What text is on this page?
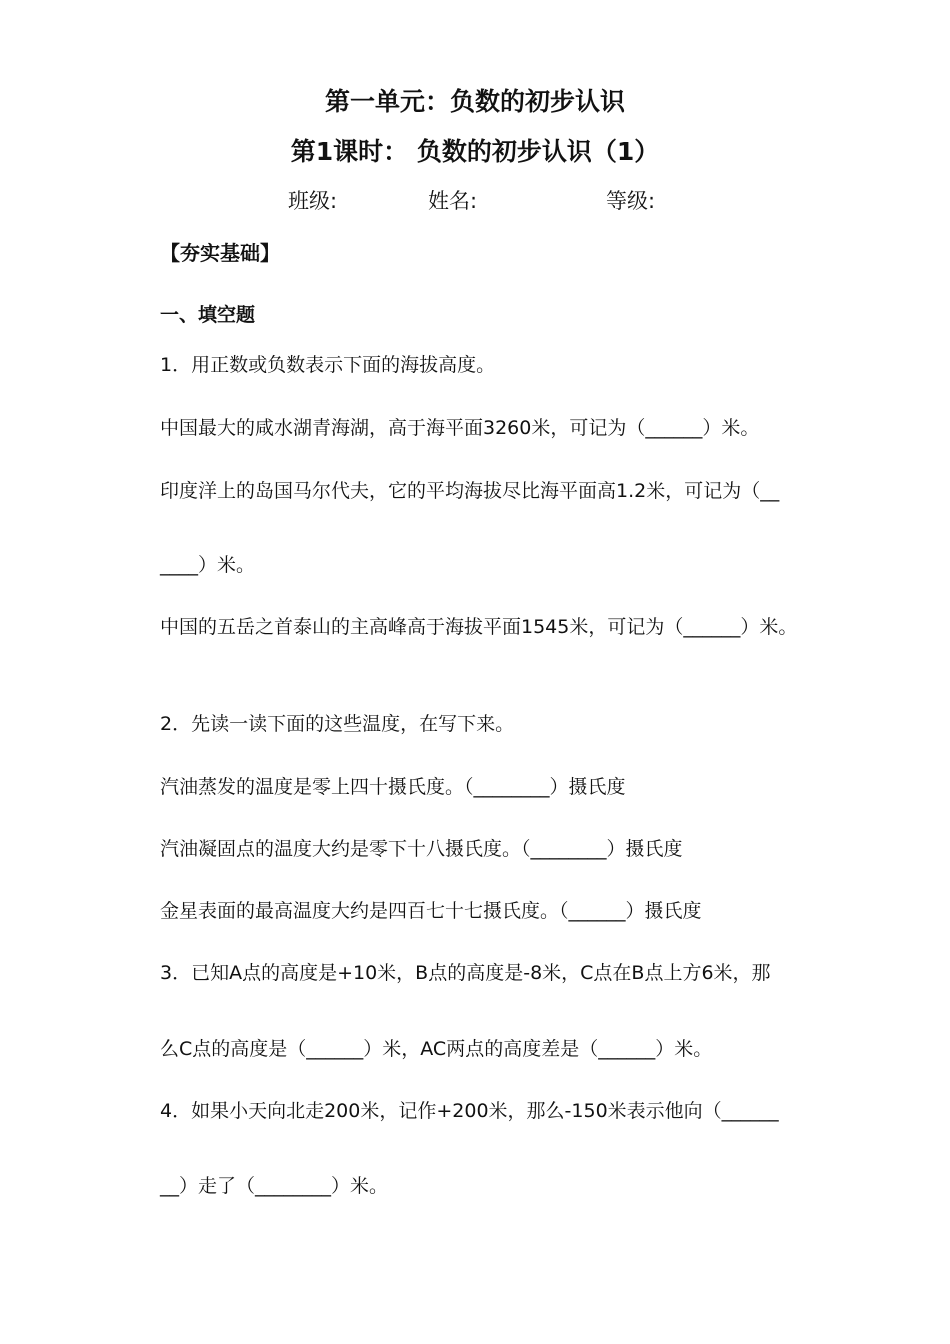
第一单元：负数的初步认识
第1课时： 负数的初步认识（1）
班级:	姓名:	等级:
【夯实基础】
一、填空题
1．用正数或负数表示下面的海拔高度。
中国最大的咸水湖青海湖，高于海平面3260米，可记为（______）米。
印度洋上的岛国马尔代夫，它的平均海拔尽比海平面高1.2米，可记为（__
____）米。
中国的五岳之首泰山的主高峰高于海拔平面1545米，可记为（______）米。
2．先读一读下面的这些温度，在写下来。
汽油蒸发的温度是零上四十摄氏度。（________）摄氏度
汽油凝固点的温度大约是零下十八摄氏度。（________）摄氏度
金星表面的最高温度大约是四百七十七摄氏度。（______）摄氏度
3．已知A点的高度是+10米，B点的高度是-8米，C点在B点上方6米，那
么C点的高度是（______）米，AC两点的高度差是（______）米。
4．如果小天向北走200米，记作+200米，那么-150米表示他向（______
__）走了（________）米。
